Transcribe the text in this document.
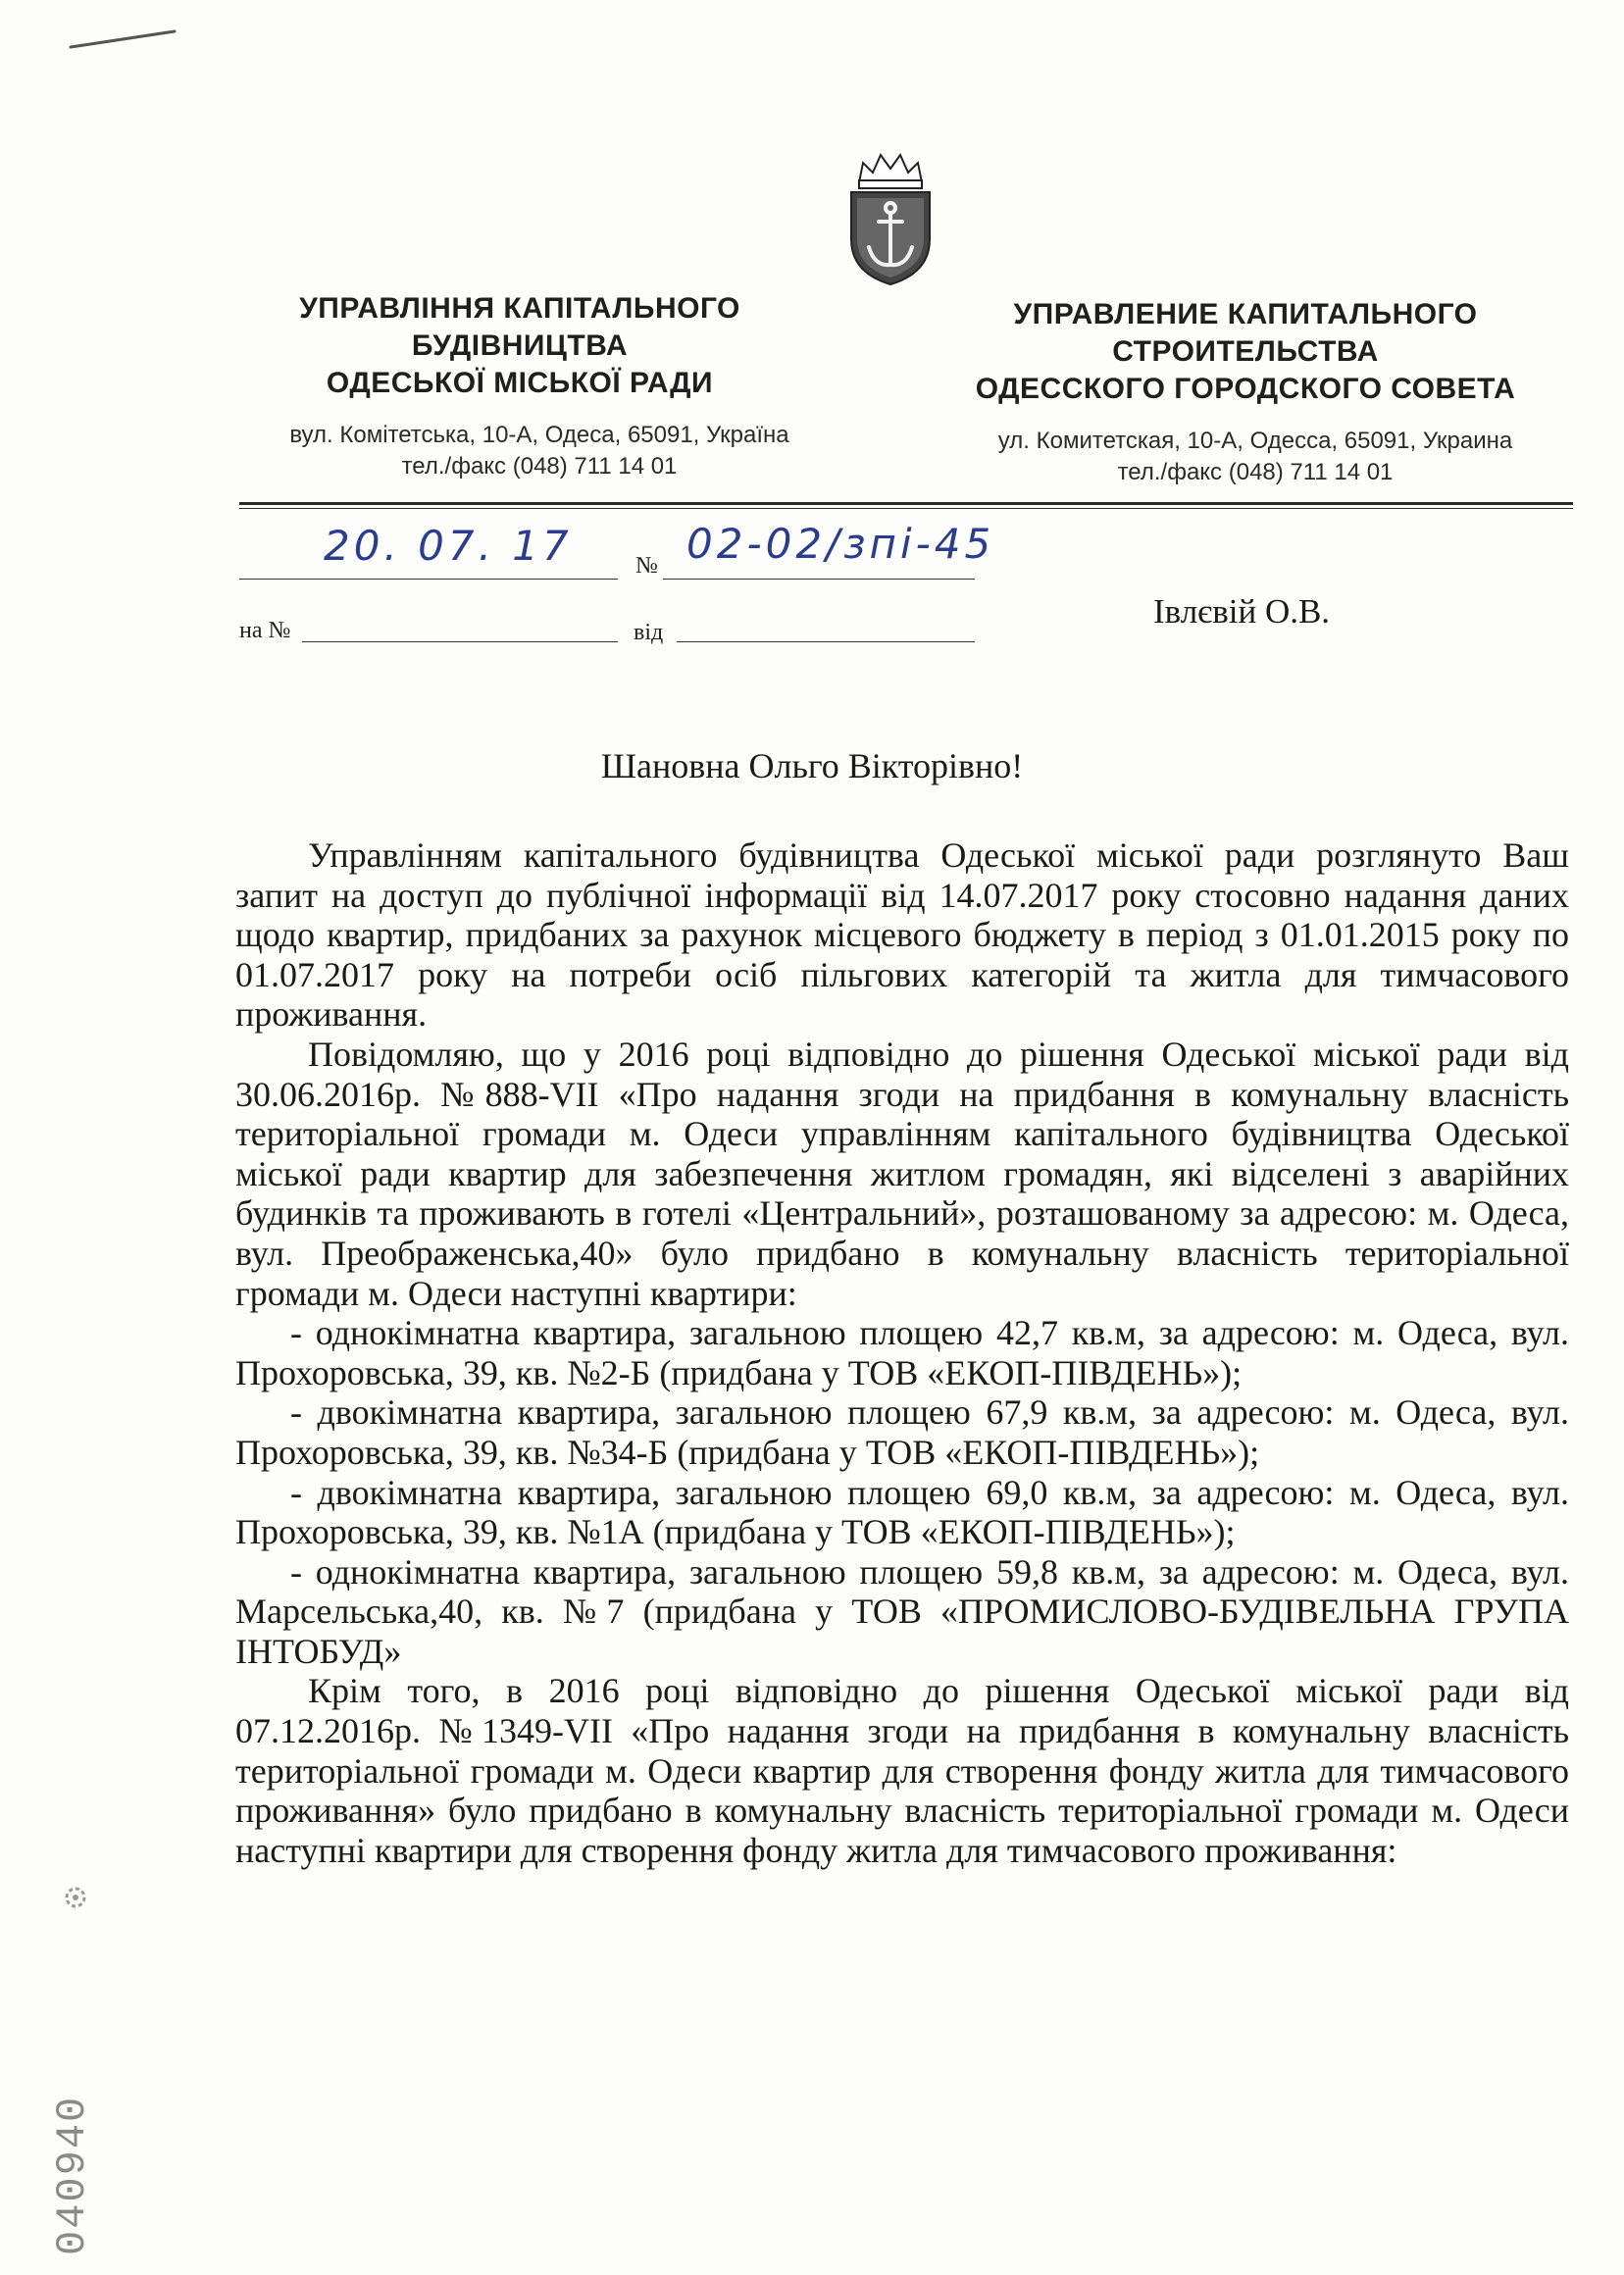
УПРАВЛІННЯ КАПІТАЛЬНОГО
БУДІВНИЦТВА
ОДЕСЬКОЇ МІСЬКОЇ РАДИ
вул. Комітетська, 10-А, Одеса, 65091, Україна
тел./факс (048) 711 14 01
УПРАВЛЕНИЕ КАПИТАЛЬНОГО
СТРОИТЕЛЬСТВА
ОДЕССКОГО ГОРОДСКОГО СОВЕТА
ул. Комитетская, 10-А, Одесса, 65091, Украина
тел./факс (048) 711 14 01
20. 07. 17	№ 02-02/зпі-45
на №	від
Івлєвій О.В.
Шановна Ольго Вікторівно!

Управлінням капітального будівництва Одеської міської ради розглянуто Ваш запит на доступ до публічної інформації від 14.07.2017 року стосовно надання даних щодо квартир, придбаних за рахунок місцевого бюджету в період з 01.01.2015 року по 01.07.2017 року на потреби осіб пільгових категорій та житла для тимчасового проживання.

Повідомляю, що у 2016 році відповідно до рішення Одеської міської ради від 30.06.2016р. №888-VII «Про надання згоди на придбання в комунальну власність територіальної громади м. Одеси управлінням капітального будівництва Одеської міської ради квартир для забезпечення житлом громадян, які відселені з аварійних будинків та проживають в готелі «Центральний», розташованому за адресою: м. Одеса, вул. Преображенська,40» було придбано в комунальну власність територіальної громади м. Одеси наступні квартири:

- однокімнатна квартира, загальною площею 42,7 кв.м, за адресою: м. Одеса, вул. Прохоровська, 39, кв. №2-Б (придбана у ТОВ «ЕКОП-ПІВДЕНЬ»);

- двокімнатна квартира, загальною площею 67,9 кв.м, за адресою: м. Одеса, вул. Прохоровська, 39, кв. №34-Б (придбана у ТОВ «ЕКОП-ПІВДЕНЬ»);

- двокімнатна квартира, загальною площею 69,0 кв.м, за адресою: м. Одеса, вул. Прохоровська, 39, кв. №1А (придбана у ТОВ «ЕКОП-ПІВДЕНЬ»);

- однокімнатна квартира, загальною площею 59,8 кв.м, за адресою: м. Одеса, вул. Марсельська,40, кв. №7 (придбана у ТОВ «ПРОМИСЛОВО-БУДІВЕЛЬНА ГРУПА ІНТОБУД»

Крім того, в 2016 році відповідно до рішення Одеської міської ради від 07.12.2016р. №1349-VII «Про надання згоди на придбання в комунальну власність територіальної громади м. Одеси квартир для створення фонду житла для тимчасового проживання» було придбано в комунальну власність територіальної громади м. Одеси наступні квартири для створення фонду житла для тимчасового проживання:

040940
